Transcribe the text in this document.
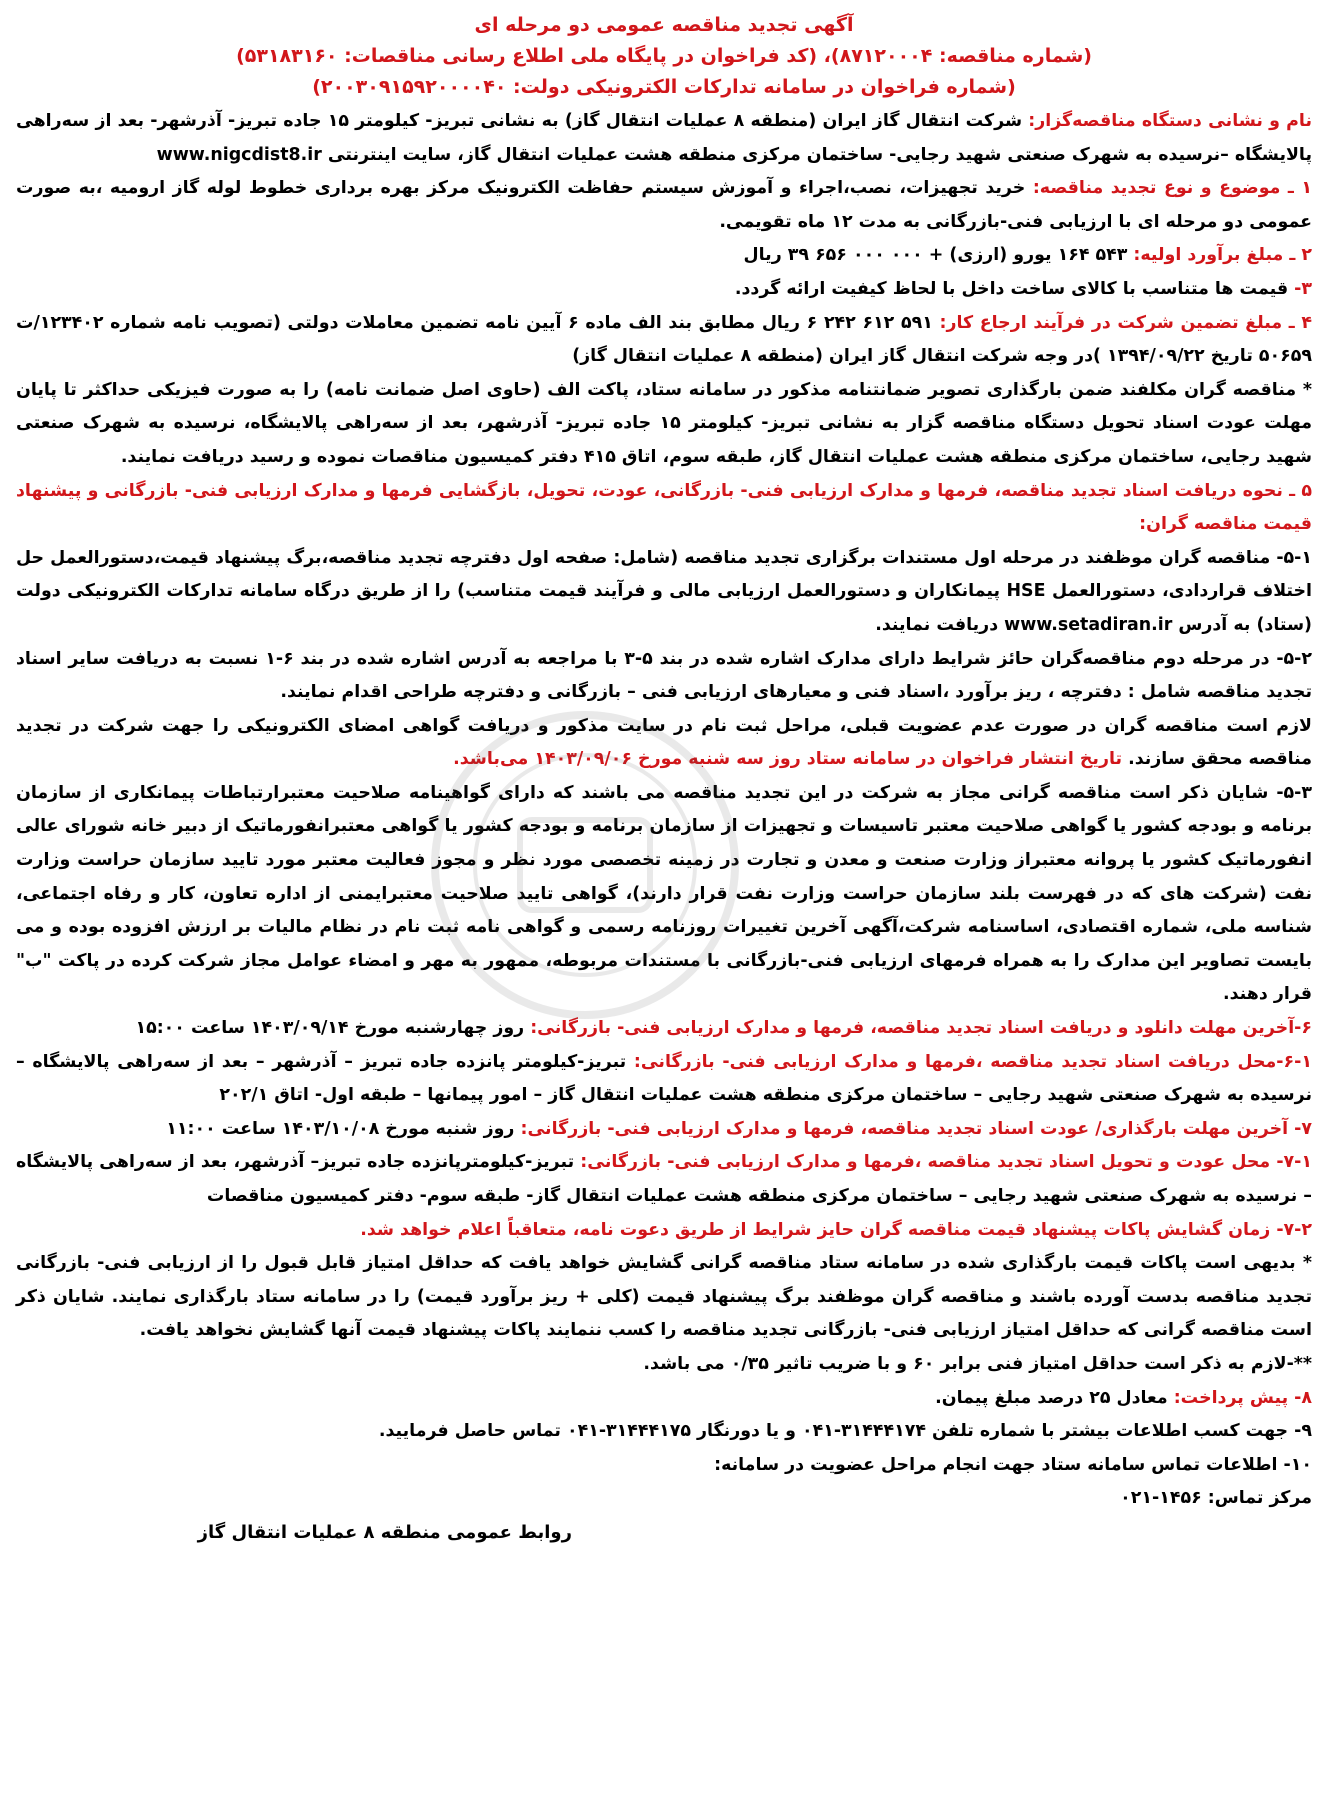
آگهی تجدید مناقصه عمومی دو مرحله ای
(شماره مناقصه: ۸۷۱۲۰۰۰۴)، (کد فراخوان در پایگاه ملی اطلاع رسانی مناقصات: ۵۳۱۸۳۱۶۰)
(شماره فراخوان در سامانه تدارکات الکترونیکی دولت: ۲۰۰۳۰۹۱۵۹۲۰۰۰۰۴۰)

نام و نشانی دستگاه مناقصه‌گزار: شرکت انتقال گاز ایران (منطقه ۸ عملیات انتقال گاز) به نشانی تبریز- کیلومتر ۱۵ جاده تبریز- آذرشهر- بعد از سه‌راهی پالایشگاه –نرسیده به شهرک صنعتی شهید رجایی- ساختمان مرکزی منطقه هشت عملیات انتقال گاز، سایت اینترنتی www.nigcdist8.ir

۱ ـ موضوع و نوع تجدید مناقصه: خرید تجهیزات، نصب،اجراء و آموزش سیستم حفاظت الکترونیک مرکز بهره برداری خطوط لوله گاز ارومیه ،به صورت عمومی دو مرحله ای با ارزیابی فنی-بازرگانی به مدت ۱۲ ماه تقویمی.

۲ ـ مبلغ برآورد اولیه: ۵۴۳ ۱۶۴ یورو (ارزی) + ۰۰۰ ۰۰۰ ۶۵۶ ۳۹ ریال

۳- قیمت ها متناسب با کالای ساخت داخل با لحاظ کیفیت ارائه گردد.

۴ ـ مبلغ تضمین شرکت در فرآیند ارجاع کار: ۵۹۱ ۶۱۲ ۲۴۲ ۶ ریال مطابق بند الف ماده ۶ آیین نامه تضمین معاملات دولتی (تصویب نامه شماره ۱۲۳۴۰۲/ت ۵۰۶۵۹ تاریخ ۱۳۹۴/۰۹/۲۲ )در وجه شرکت انتقال گاز ایران (منطقه ۸ عملیات انتقال گاز)

* مناقصه گران مکلفند ضمن بارگذاری تصویر ضمانتنامه مذکور در سامانه ستاد، پاکت الف (حاوی اصل ضمانت نامه) را به صورت فیزیکی حداکثر تا پایان مهلت عودت اسناد تحویل دستگاه مناقصه گزار به نشانی تبریز- کیلومتر ۱۵ جاده تبریز- آذرشهر، بعد از سه‌راهی پالایشگاه، نرسیده به شهرک صنعتی شهید رجایی، ساختمان مرکزی منطقه هشت عملیات انتقال گاز، طبقه سوم، اتاق ۴۱۵ دفتر کمیسیون مناقصات نموده و رسید دریافت نمایند.

۵ ـ نحوه دریافت اسناد تجدید مناقصه، فرمها و مدارک ارزیابی فنی- بازرگانی، عودت، تحویل، بازگشایی فرمها و مدارک ارزیابی فنی- بازرگانی و پیشنهاد قیمت مناقصه گران:

۵-۱- مناقصه گران موظفند در مرحله اول مستندات برگزاری تجدید مناقصه (شامل: صفحه اول دفترچه تجدید مناقصه،برگ پیشنهاد قیمت،دستورالعمل حل اختلاف قراردادی، دستورالعمل HSE پیمانکاران و دستورالعمل ارزیابی مالی و فرآیند قیمت متناسب) را از طریق درگاه سامانه تدارکات الکترونیکی دولت (ستاد) به آدرس www.setadiran.ir دریافت نمایند.

۵-۲- در مرحله دوم مناقصه‌گران حائز شرایط دارای مدارک اشاره شده در بند ۵-۳ با مراجعه به آدرس اشاره شده در بند ۶-۱ نسبت به دریافت سایر اسناد تجدید مناقصه شامل : دفترچه ، ریز برآورد ،اسناد فنی و معیارهای ارزیابی فنی – بازرگانی و دفترچه طراحی اقدام نمایند.

لازم است مناقصه گران در صورت عدم عضویت قبلی، مراحل ثبت نام در سایت مذکور و دریافت گواهی امضای الکترونیکی را جهت شرکت در تجدید مناقصه محقق سازند. تاریخ انتشار فراخوان در سامانه ستاد روز سه شنبه مورخ ۱۴۰۳/۰۹/۰۶ می‌باشد.

۵-۳- شایان ذکر است مناقصه گرانی مجاز به شرکت در این تجدید مناقصه می باشند که دارای گواهینامه صلاحیت معتبرارتباطات پیمانکاری از سازمان برنامه و بودجه کشور یا گواهی صلاحیت معتبر تاسیسات و تجهیزات از سازمان برنامه و بودجه کشور یا گواهی معتبرانفورماتیک از دبیر خانه شورای عالی انفورماتیک کشور یا پروانه معتبراز وزارت صنعت و معدن و تجارت در زمینه تخصصی مورد نظر و مجوز فعالیت معتبر مورد تایید سازمان حراست وزارت نفت (شرکت های که در فهرست بلند سازمان حراست وزارت نفت قرار دارند)، گواهی تایید صلاحیت معتبرایمنی از اداره تعاون، کار و رفاه اجتماعی، شناسه ملی، شماره اقتصادی، اساسنامه شرکت،آگهی آخرین تغییرات روزنامه رسمی و گواهی نامه ثبت نام در نظام مالیات بر ارزش افزوده بوده و می بایست تصاویر این مدارک را به همراه فرمهای ارزیابی فنی-بازرگانی با مستندات مربوطه، ممهور به مهر و امضاء عوامل مجاز شرکت کرده در پاکت "ب" قرار دهند.

۶-آخرین مهلت دانلود و دریافت اسناد تجدید مناقصه، فرمها و مدارک ارزیابی فنی- بازرگانی: روز چهارشنبه مورخ ۱۴۰۳/۰۹/۱۴ ساعت ۱۵:۰۰

۶-۱-محل دریافت اسناد تجدید مناقصه ،فرمها و مدارک ارزیابی فنی- بازرگانی: تبریز-کیلومتر پانزده جاده تبریز – آذرشهر – بعد از سه‌راهی پالایشگاه – نرسیده به شهرک صنعتی شهید رجایی – ساختمان مرکزی منطقه هشت عملیات انتقال گاز – امور پیمانها – طبقه اول- اتاق ۲۰۲/۱

۷- آخرین مهلت بارگذاری/ عودت اسناد تجدید مناقصه، فرمها و مدارک ارزیابی فنی- بازرگانی: روز شنبه مورخ ۱۴۰۳/۱۰/۰۸ ساعت ۱۱:۰۰

۷-۱- محل عودت و تحویل اسناد تجدید مناقصه ،فرمها و مدارک ارزیابی فنی- بازرگانی: تبریز-کیلومترپانزده جاده تبریز– آذرشهر، بعد از سه‌راهی پالایشگاه – نرسیده به شهرک صنعتی شهید رجایی – ساختمان مرکزی منطقه هشت عملیات انتقال گاز- طبقه سوم- دفتر کمیسیون مناقصات

۷-۲- زمان گشایش پاکات پیشنهاد قیمت مناقصه گران حایز شرایط از طریق دعوت نامه، متعاقباً اعلام خواهد شد.

* بدیهی است پاکات قیمت بارگذاری شده در سامانه ستاد مناقصه گرانی گشایش خواهد یافت که حداقل امتیاز قابل قبول را از ارزیابی فنی- بازرگانی تجدید مناقصه بدست آورده باشند و مناقصه گران موظفند برگ پیشنهاد قیمت (کلی + ریز برآورد قیمت) را در سامانه ستاد بارگذاری نمایند. شایان ذکر است مناقصه گرانی که حداقل امتیاز ارزیابی فنی- بازرگانی تجدید مناقصه را کسب ننمایند پاکات پیشنهاد قیمت آنها گشایش نخواهد یافت.

**-لازم به ذکر است حداقل امتیاز فنی برابر ۶۰ و با ضریب تاثیر ۰/۳۵ می باشد.

۸- پیش پرداخت: معادل ۲۵ درصد مبلغ پیمان.

۹- جهت کسب اطلاعات بیشتر با شماره تلفن ۳۱۴۴۴۱۷۴-۰۴۱ و یا دورنگار ۳۱۴۴۴۱۷۵-۰۴۱ تماس حاصل فرمایید.

۱۰- اطلاعات تماس سامانه ستاد جهت انجام مراحل عضویت در سامانه:

مرکز تماس: ۱۴۵۶-۰۲۱

روابط عمومی منطقه ۸ عملیات انتقال گاز
